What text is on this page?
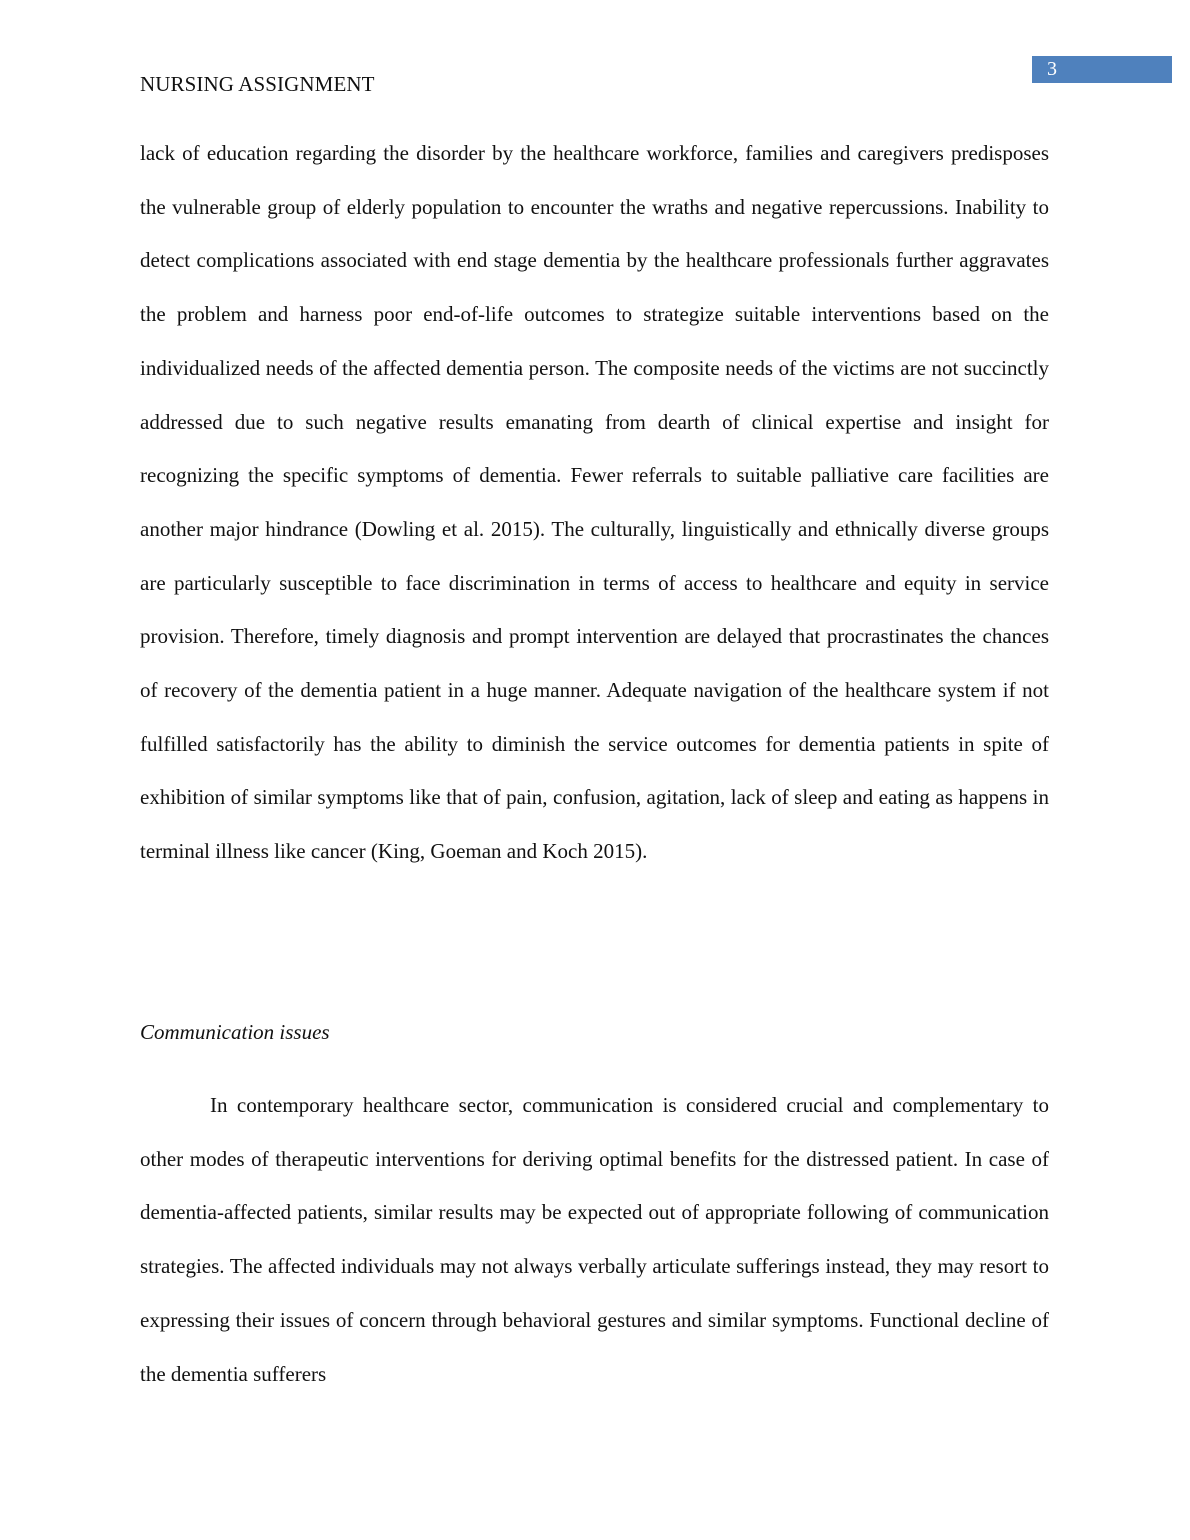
3
NURSING ASSIGNMENT

lack of education regarding the disorder by the healthcare workforce, families and caregivers predisposes the vulnerable group of elderly population to encounter the wraths and negative repercussions. Inability to detect complications associated with end stage dementia by the healthcare professionals further aggravates the problem and harness poor end-of-life outcomes to strategize suitable interventions based on the individualized needs of the affected dementia person. The composite needs of the victims are not succinctly addressed due to such negative results emanating from dearth of clinical expertise and insight for recognizing the specific symptoms of dementia. Fewer referrals to suitable palliative care facilities are another major hindrance (Dowling et al. 2015). The culturally, linguistically and ethnically diverse groups are particularly susceptible to face discrimination in terms of access to healthcare and equity in service provision. Therefore, timely diagnosis and prompt intervention are delayed that procrastinates the chances of recovery of the dementia patient in a huge manner. Adequate navigation of the healthcare system if not fulfilled satisfactorily has the ability to diminish the service outcomes for dementia patients in spite of exhibition of similar symptoms like that of pain, confusion, agitation, lack of sleep and eating as happens in terminal illness like cancer (King, Goeman and Koch 2015).

Communication issues

In contemporary healthcare sector, communication is considered crucial and complementary to other modes of therapeutic interventions for deriving optimal benefits for the distressed patient. In case of dementia-affected patients, similar results may be expected out of appropriate following of communication strategies. The affected individuals may not always verbally articulate sufferings instead, they may resort to expressing their issues of concern through behavioral gestures and similar symptoms. Functional decline of the dementia sufferers
